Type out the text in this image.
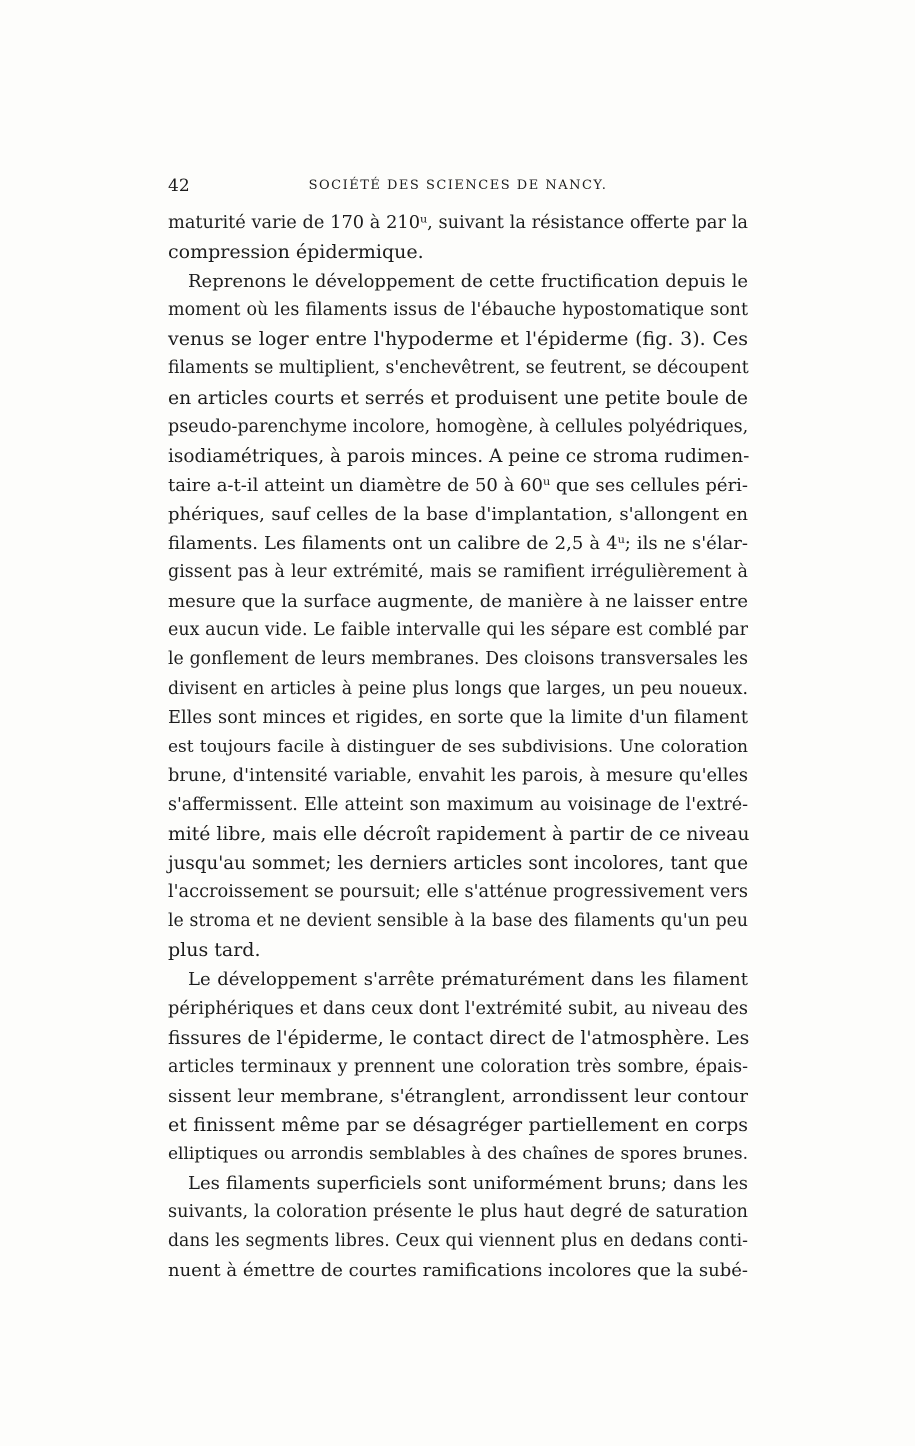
42	SOCIÉTÉ DES SCIENCES DE NANCY.
maturité varie de 170 à 210ᵘ, suivant la résistance offerte par la
compression épidermique.
Reprenons le développement de cette fructification depuis le
moment où les filaments issus de l'ébauche hypostomatique sont
venus se loger entre l'hypoderme et l'épiderme (fig. 3). Ces
filaments se multiplient, s'enchevêtrent, se feutrent, se découpent
en articles courts et serrés et produisent une petite boule de
pseudo-parenchyme incolore, homogène, à cellules polyédriques,
isodiamétriques, à parois minces. A peine ce stroma rudimen-
taire a-t-il atteint un diamètre de 50 à 60ᵘ que ses cellules péri-
phériques, sauf celles de la base d'implantation, s'allongent en
filaments. Les filaments ont un calibre de 2,5 à 4ᵘ; ils ne s'élar-
gissent pas à leur extrémité, mais se ramifient irrégulièrement à
mesure que la surface augmente, de manière à ne laisser entre
eux aucun vide. Le faible intervalle qui les sépare est comblé par
le gonflement de leurs membranes. Des cloisons transversales les
divisent en articles à peine plus longs que larges, un peu noueux.
Elles sont minces et rigides, en sorte que la limite d'un filament
est toujours facile à distinguer de ses subdivisions. Une coloration
brune, d'intensité variable, envahit les parois, à mesure qu'elles
s'affermissent. Elle atteint son maximum au voisinage de l'extré-
mité libre, mais elle décroît rapidement à partir de ce niveau
jusqu'au sommet; les derniers articles sont incolores, tant que
l'accroissement se poursuit; elle s'atténue progressivement vers
le stroma et ne devient sensible à la base des filaments qu'un peu
plus tard.
Le développement s'arrête prématurément dans les filament
périphériques et dans ceux dont l'extrémité subit, au niveau des
fissures de l'épiderme, le contact direct de l'atmosphère. Les
articles terminaux y prennent une coloration très sombre, épais-
sissent leur membrane, s'étranglent, arrondissent leur contour
et finissent même par se désagréger partiellement en corps
elliptiques ou arrondis semblables à des chaînes de spores brunes.
Les filaments superficiels sont uniformément bruns; dans les
suivants, la coloration présente le plus haut degré de saturation
dans les segments libres. Ceux qui viennent plus en dedans conti-
nuent à émettre de courtes ramifications incolores que la subé-
